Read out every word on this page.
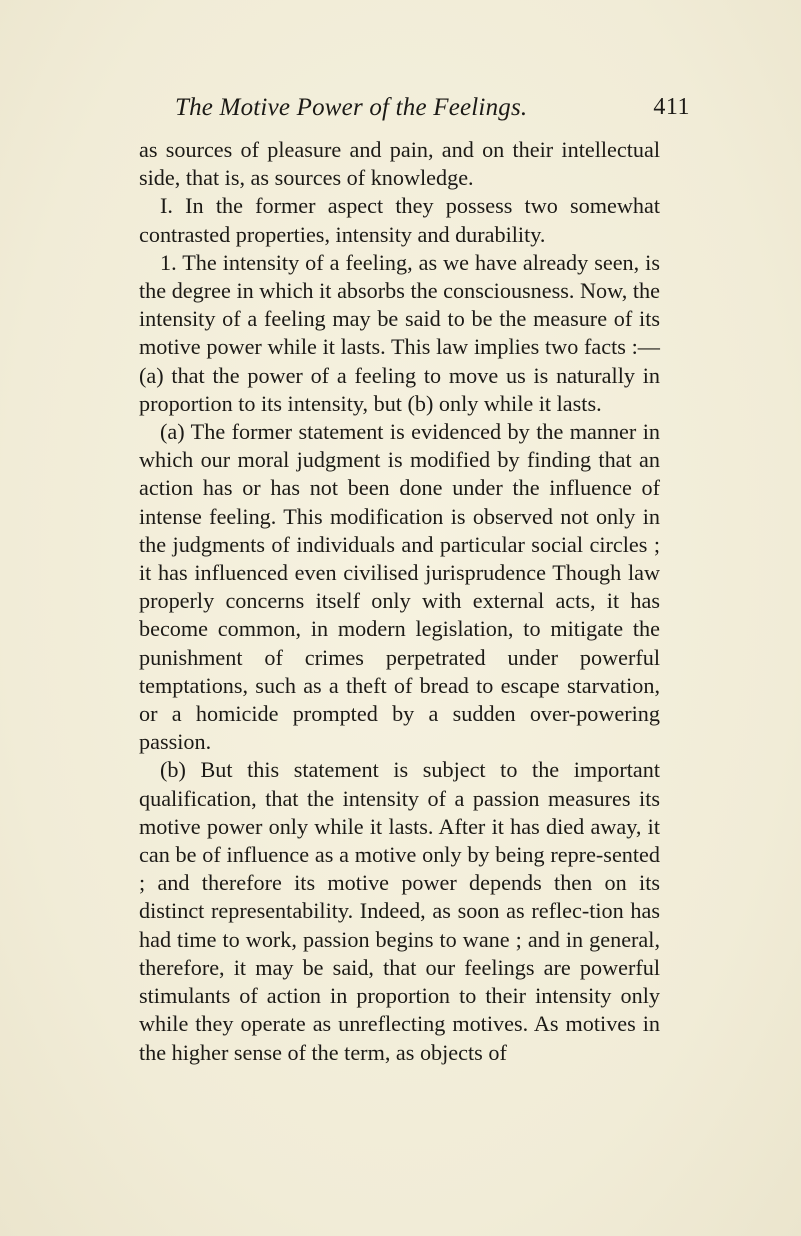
The Motive Power of the Feelings.	411

as sources of pleasure and pain, and on their intellectual side, that is, as sources of knowledge.

I. In the former aspect they possess two somewhat contrasted properties, intensity and durability.

1. The intensity of a feeling, as we have already seen, is the degree in which it absorbs the consciousness. Now, the intensity of a feeling may be said to be the measure of its motive power while it lasts. This law implies two facts :—(a) that the power of a feeling to move us is naturally in proportion to its intensity, but (b) only while it lasts.

(a) The former statement is evidenced by the manner in which our moral judgment is modified by finding that an action has or has not been done under the influence of intense feeling. This modification is observed not only in the judgments of individuals and particular social circles ; it has influenced even civilised jurisprudence Though law properly concerns itself only with external acts, it has become common, in modern legislation, to mitigate the punishment of crimes perpetrated under powerful temptations, such as a theft of bread to escape starvation, or a homicide prompted by a sudden over-powering passion.

(b) But this statement is subject to the important qualification, that the intensity of a passion measures its motive power only while it lasts. After it has died away, it can be of influence as a motive only by being repre-sented ; and therefore its motive power depends then on its distinct representability. Indeed, as soon as reflec-tion has had time to work, passion begins to wane ; and in general, therefore, it may be said, that our feelings are powerful stimulants of action in proportion to their intensity only while they operate as unreflecting motives. As motives in the higher sense of the term, as objects of
